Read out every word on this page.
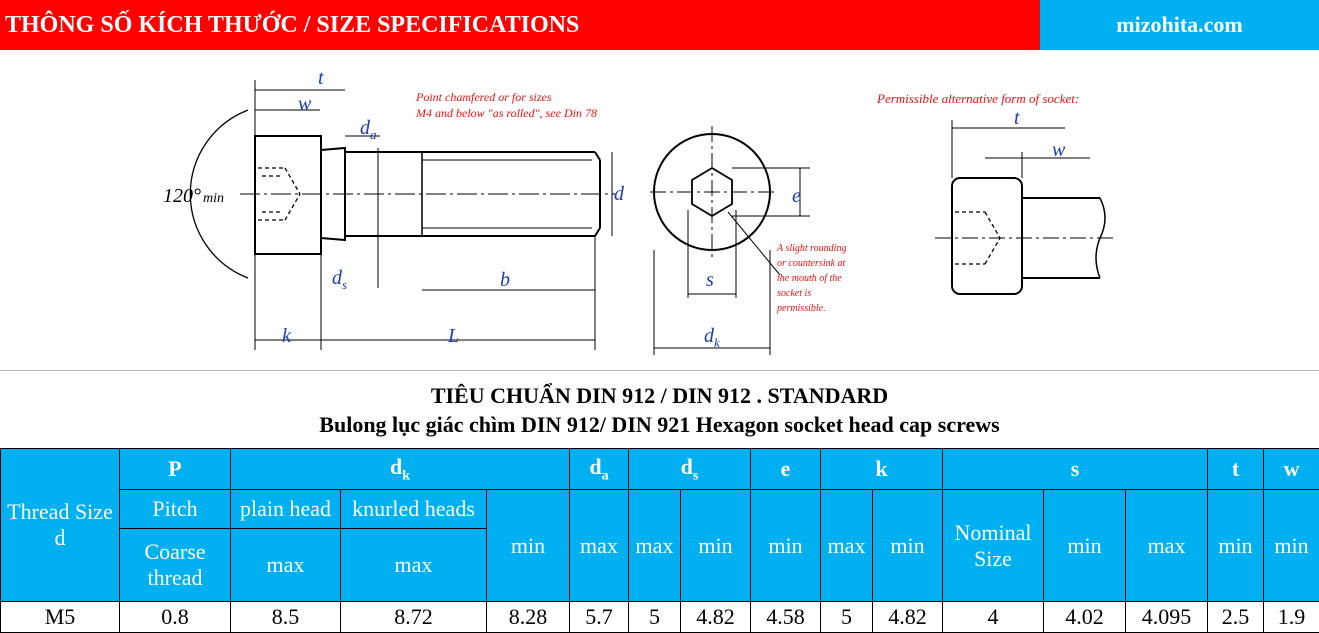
THÔNG SỐ KÍCH THƯỚC / SIZE SPECIFICATIONS	mizohita.com
t
w
$d_a$
d	e
$d_s$	b	s
k	L	$d_k$
t
w
120° min
Point chamfered or for sizes
M4 and below "as rolled", see Din 78
Permissible alternative form of socket:
A slight rounding
or countersink at
the mouth of the
socket is
permissible.
TIÊU CHUẨN DIN 912 / DIN 912 . STANDARD
Bulong lục giác chìm DIN 912/ DIN 921 Hexagon socket head cap screws
Thread Size d	P	$d_k$			$d_a$	$d_s$		e	k		s			t	w
	Pitch	plain head	knurled heads	min	max	max	min	min	max	min	Nominal Size	min	max	min	min
	Coarse thread	max	max												
M5	0.8	8.5	8.72	8.28	5.7	5	4.82	4.58	5	4.82	4	4.02	4.095	2.5	1.9
